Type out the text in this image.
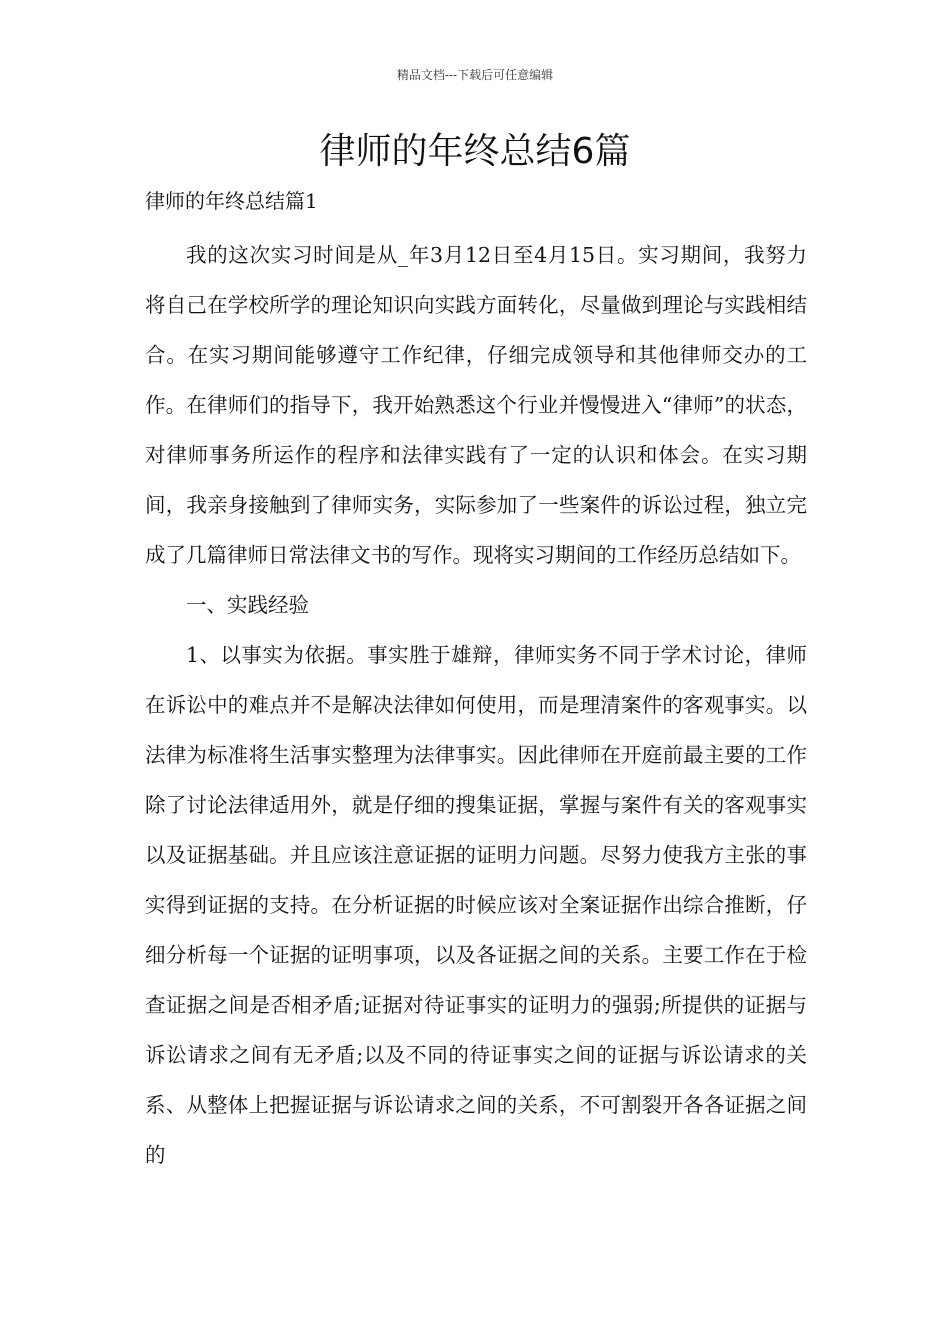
精品文档---下载后可任意编辑
律师的年终总结6篇
律师的年终总结篇1

我的这次实习时间是从_年3月12日至4月15日。实习期间，我努力将自己在学校所学的理论知识向实践方面转化，尽量做到理论与实践相结合。在实习期间能够遵守工作纪律，仔细完成领导和其他律师交办的工作。在律师们的指导下，我开始熟悉这个行业并慢慢进入“律师”的状态，对律师事务所运作的程序和法律实践有了一定的认识和体会。在实习期间，我亲身接触到了律师实务，实际参加了一些案件的诉讼过程，独立完成了几篇律师日常法律文书的写作。现将实习期间的工作经历总结如下。

一、实践经验

1、以事实为依据。事实胜于雄辩，律师实务不同于学术讨论，律师在诉讼中的难点并不是解决法律如何使用，而是理清案件的客观事实。以法律为标准将生活事实整理为法律事实。因此律师在开庭前最主要的工作除了讨论法律适用外，就是仔细的搜集证据，掌握与案件有关的客观事实以及证据基础。并且应该注意证据的证明力问题。尽努力使我方主张的事实得到证据的支持。在分析证据的时候应该对全案证据作出综合推断，仔细分析每一个证据的证明事项，以及各证据之间的关系。主要工作在于检查证据之间是否相矛盾;证据对待证事实的证明力的强弱;所提供的证据与诉讼请求之间有无矛盾;以及不同的待证事实之间的证据与诉讼请求的关系、从整体上把握证据与诉讼请求之间的关系，不可割裂开各各证据之间的
